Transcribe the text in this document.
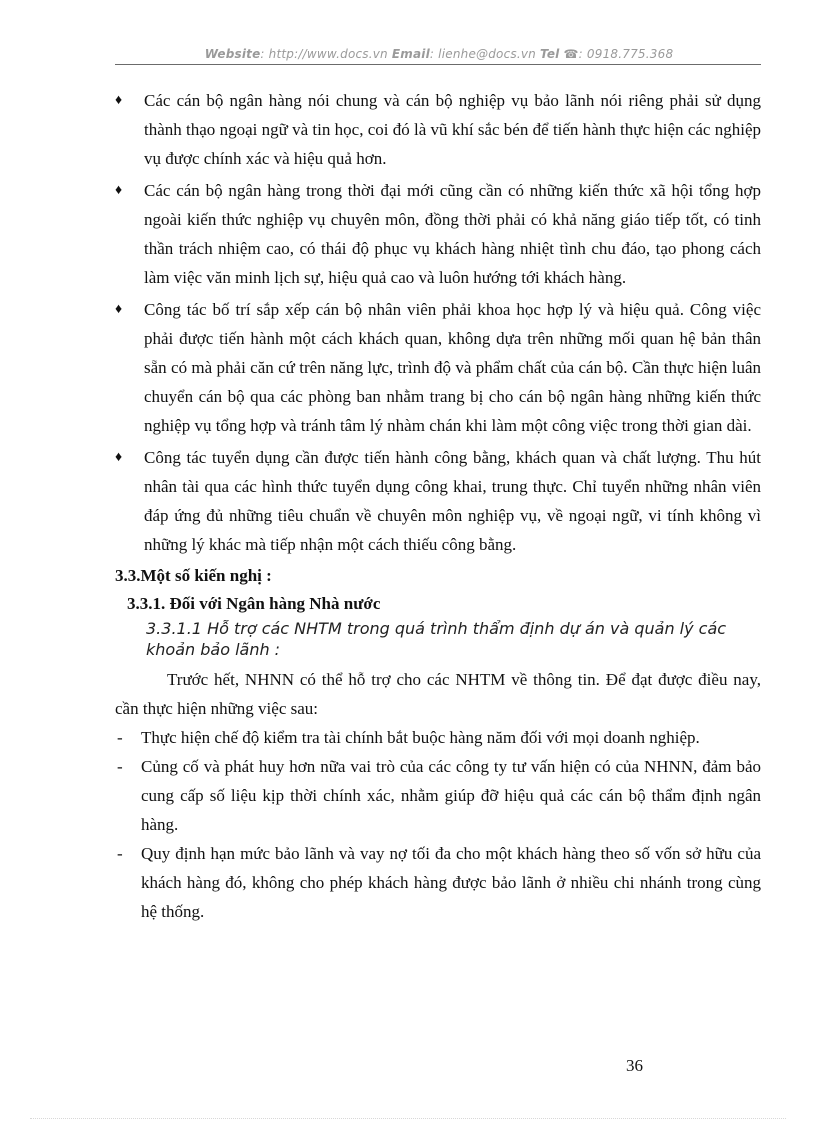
Website: http://www.docs.vn Email: lienhe@docs.vn Tel ☎: 0918.775.368
♦ Các cán bộ ngân hàng nói chung và cán bộ nghiệp vụ bảo lãnh nói riêng phải sử dụng thành thạo ngoại ngữ và tin học, coi đó là vũ khí sắc bén để tiến hành thực hiện các nghiệp vụ được chính xác và hiệu quả hơn.
♦ Các cán bộ ngân hàng trong thời đại mới cũng cần có những kiến thức xã hội tổng hợp ngoài kiến thức nghiệp vụ chuyên môn, đồng thời phải có khả năng giáo tiếp tốt, có tinh thần trách nhiệm cao, có thái độ phục vụ khách hàng nhiệt tình chu đáo, tạo phong cách làm việc văn minh lịch sự, hiệu quả cao và luôn hướng tới khách hàng.
♦ Công tác bố trí sắp xếp cán bộ nhân viên phải khoa học hợp lý và hiệu quả. Công việc phải được tiến hành một cách khách quan, không dựa trên những mối quan hệ bản thân sẵn có mà phải căn cứ trên năng lực, trình độ và phẩm chất của cán bộ. Cần thực hiện luân chuyển cán bộ qua các phòng ban nhằm trang bị cho cán bộ ngân hàng những kiến thức nghiệp vụ tổng hợp và tránh tâm lý nhàm chán khi làm một công việc trong thời gian dài.
♦ Công tác tuyển dụng cần được tiến hành công bằng, khách quan và chất lượng. Thu hút nhân tài qua các hình thức tuyển dụng công khai, trung thực. Chỉ tuyển những nhân viên đáp ứng đủ những tiêu chuẩn về chuyên môn nghiệp vụ, về ngoại ngữ, vi tính không vì những lý khác mà tiếp nhận một cách thiếu công bằng.

3.3.Một số kiến nghị :

3.3.1. Đối với Ngân hàng Nhà nước

3.3.1.1 Hỗ trợ các NHTM trong quá trình thẩm định dự án và quản lý các khoản bảo lãnh :

Trước hết, NHNN có thể hỗ trợ cho các NHTM về thông tin. Để đạt được điều nay, cần thực hiện những việc sau:

- Thực hiện chế độ kiểm tra tài chính bắt buộc hàng năm đối với mọi doanh nghiệp.
- Củng cố và phát huy hơn nữa vai trò của các công ty tư vấn hiện có của NHNN, đảm bảo cung cấp số liệu kịp thời chính xác, nhằm giúp đỡ hiệu quả các cán bộ thẩm định ngân hàng.
- Quy định hạn mức bảo lãnh và vay nợ tối đa cho một khách hàng theo số vốn sở hữu của khách hàng đó, không cho phép khách hàng được bảo lãnh ở nhiều chi nhánh trong cùng hệ thống.
36
